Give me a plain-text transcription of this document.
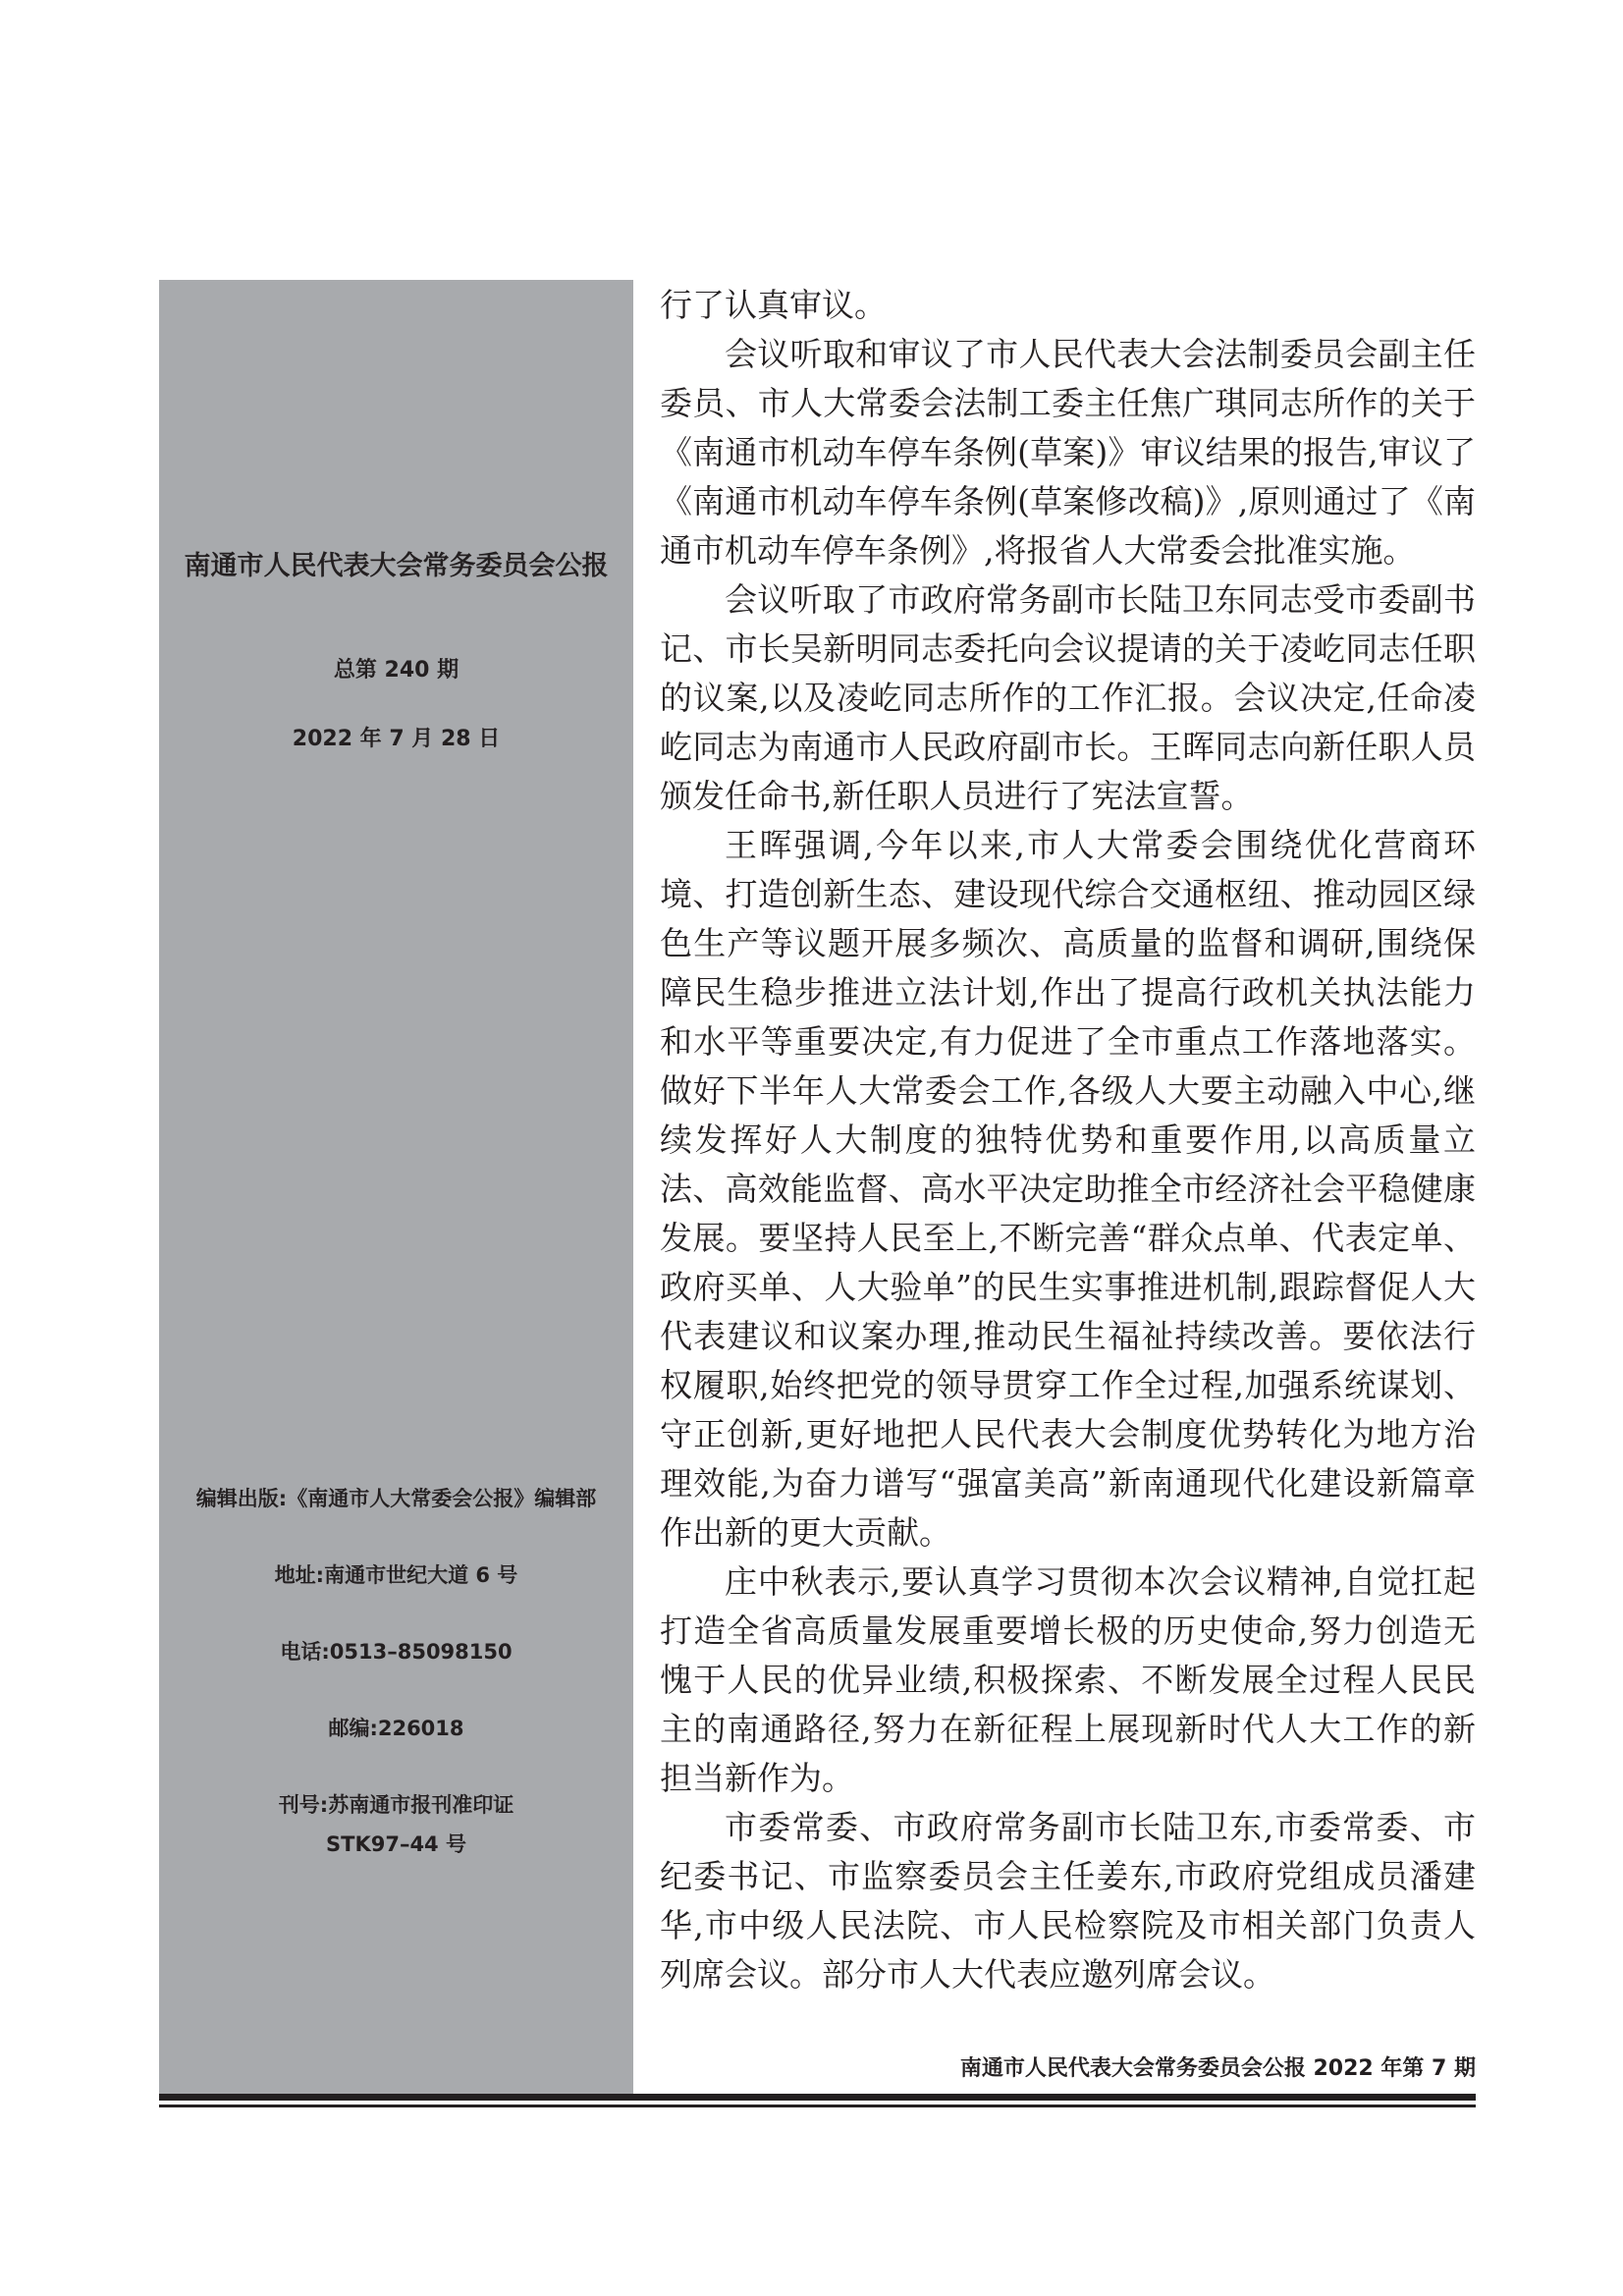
南通市人民代表大会常务委员会公报
总第 240 期
2022 年 7 月 28 日
编辑出版:《南通市人大常委会公报》编辑部
地址:南通市世纪大道 6 号
电话:0513–85098150
邮编:226018
刊号:苏南通市报刊准印证
STK97–44 号

行了认真审议。

会议听取和审议了市人民代表大会法制委员会副主任委员、市人大常委会法制工委主任焦广琪同志所作的关于《南通市机动车停车条例(草案)》审议结果的报告,审议了《南通市机动车停车条例(草案修改稿)》,原则通过了《南通市机动车停车条例》,将报省人大常委会批准实施。

会议听取了市政府常务副市长陆卫东同志受市委副书记、市长吴新明同志委托向会议提请的关于凌屹同志任职的议案,以及凌屹同志所作的工作汇报。会议决定,任命凌屹同志为南通市人民政府副市长。王晖同志向新任职人员颁发任命书,新任职人员进行了宪法宣誓。

王晖强调,今年以来,市人大常委会围绕优化营商环境、打造创新生态、建设现代综合交通枢纽、推动园区绿色生产等议题开展多频次、高质量的监督和调研,围绕保障民生稳步推进立法计划,作出了提高行政机关执法能力和水平等重要决定,有力促进了全市重点工作落地落实。做好下半年人大常委会工作,各级人大要主动融入中心,继续发挥好人大制度的独特优势和重要作用,以高质量立法、高效能监督、高水平决定助推全市经济社会平稳健康发展。要坚持人民至上,不断完善“群众点单、代表定单、政府买单、人大验单”的民生实事推进机制,跟踪督促人大代表建议和议案办理,推动民生福祉持续改善。要依法行权履职,始终把党的领导贯穿工作全过程,加强系统谋划、守正创新,更好地把人民代表大会制度优势转化为地方治理效能,为奋力谱写“强富美高”新南通现代化建设新篇章作出新的更大贡献。

庄中秋表示,要认真学习贯彻本次会议精神,自觉扛起打造全省高质量发展重要增长极的历史使命,努力创造无愧于人民的优异业绩,积极探索、不断发展全过程人民民主的南通路径,努力在新征程上展现新时代人大工作的新担当新作为。

市委常委、市政府常务副市长陆卫东,市委常委、市纪委书记、市监察委员会主任姜东,市政府党组成员潘建华,市中级人民法院、市人民检察院及市相关部门负责人列席会议。部分市人大代表应邀列席会议。

南通市人民代表大会常务委员会公报 2022 年第 7 期
